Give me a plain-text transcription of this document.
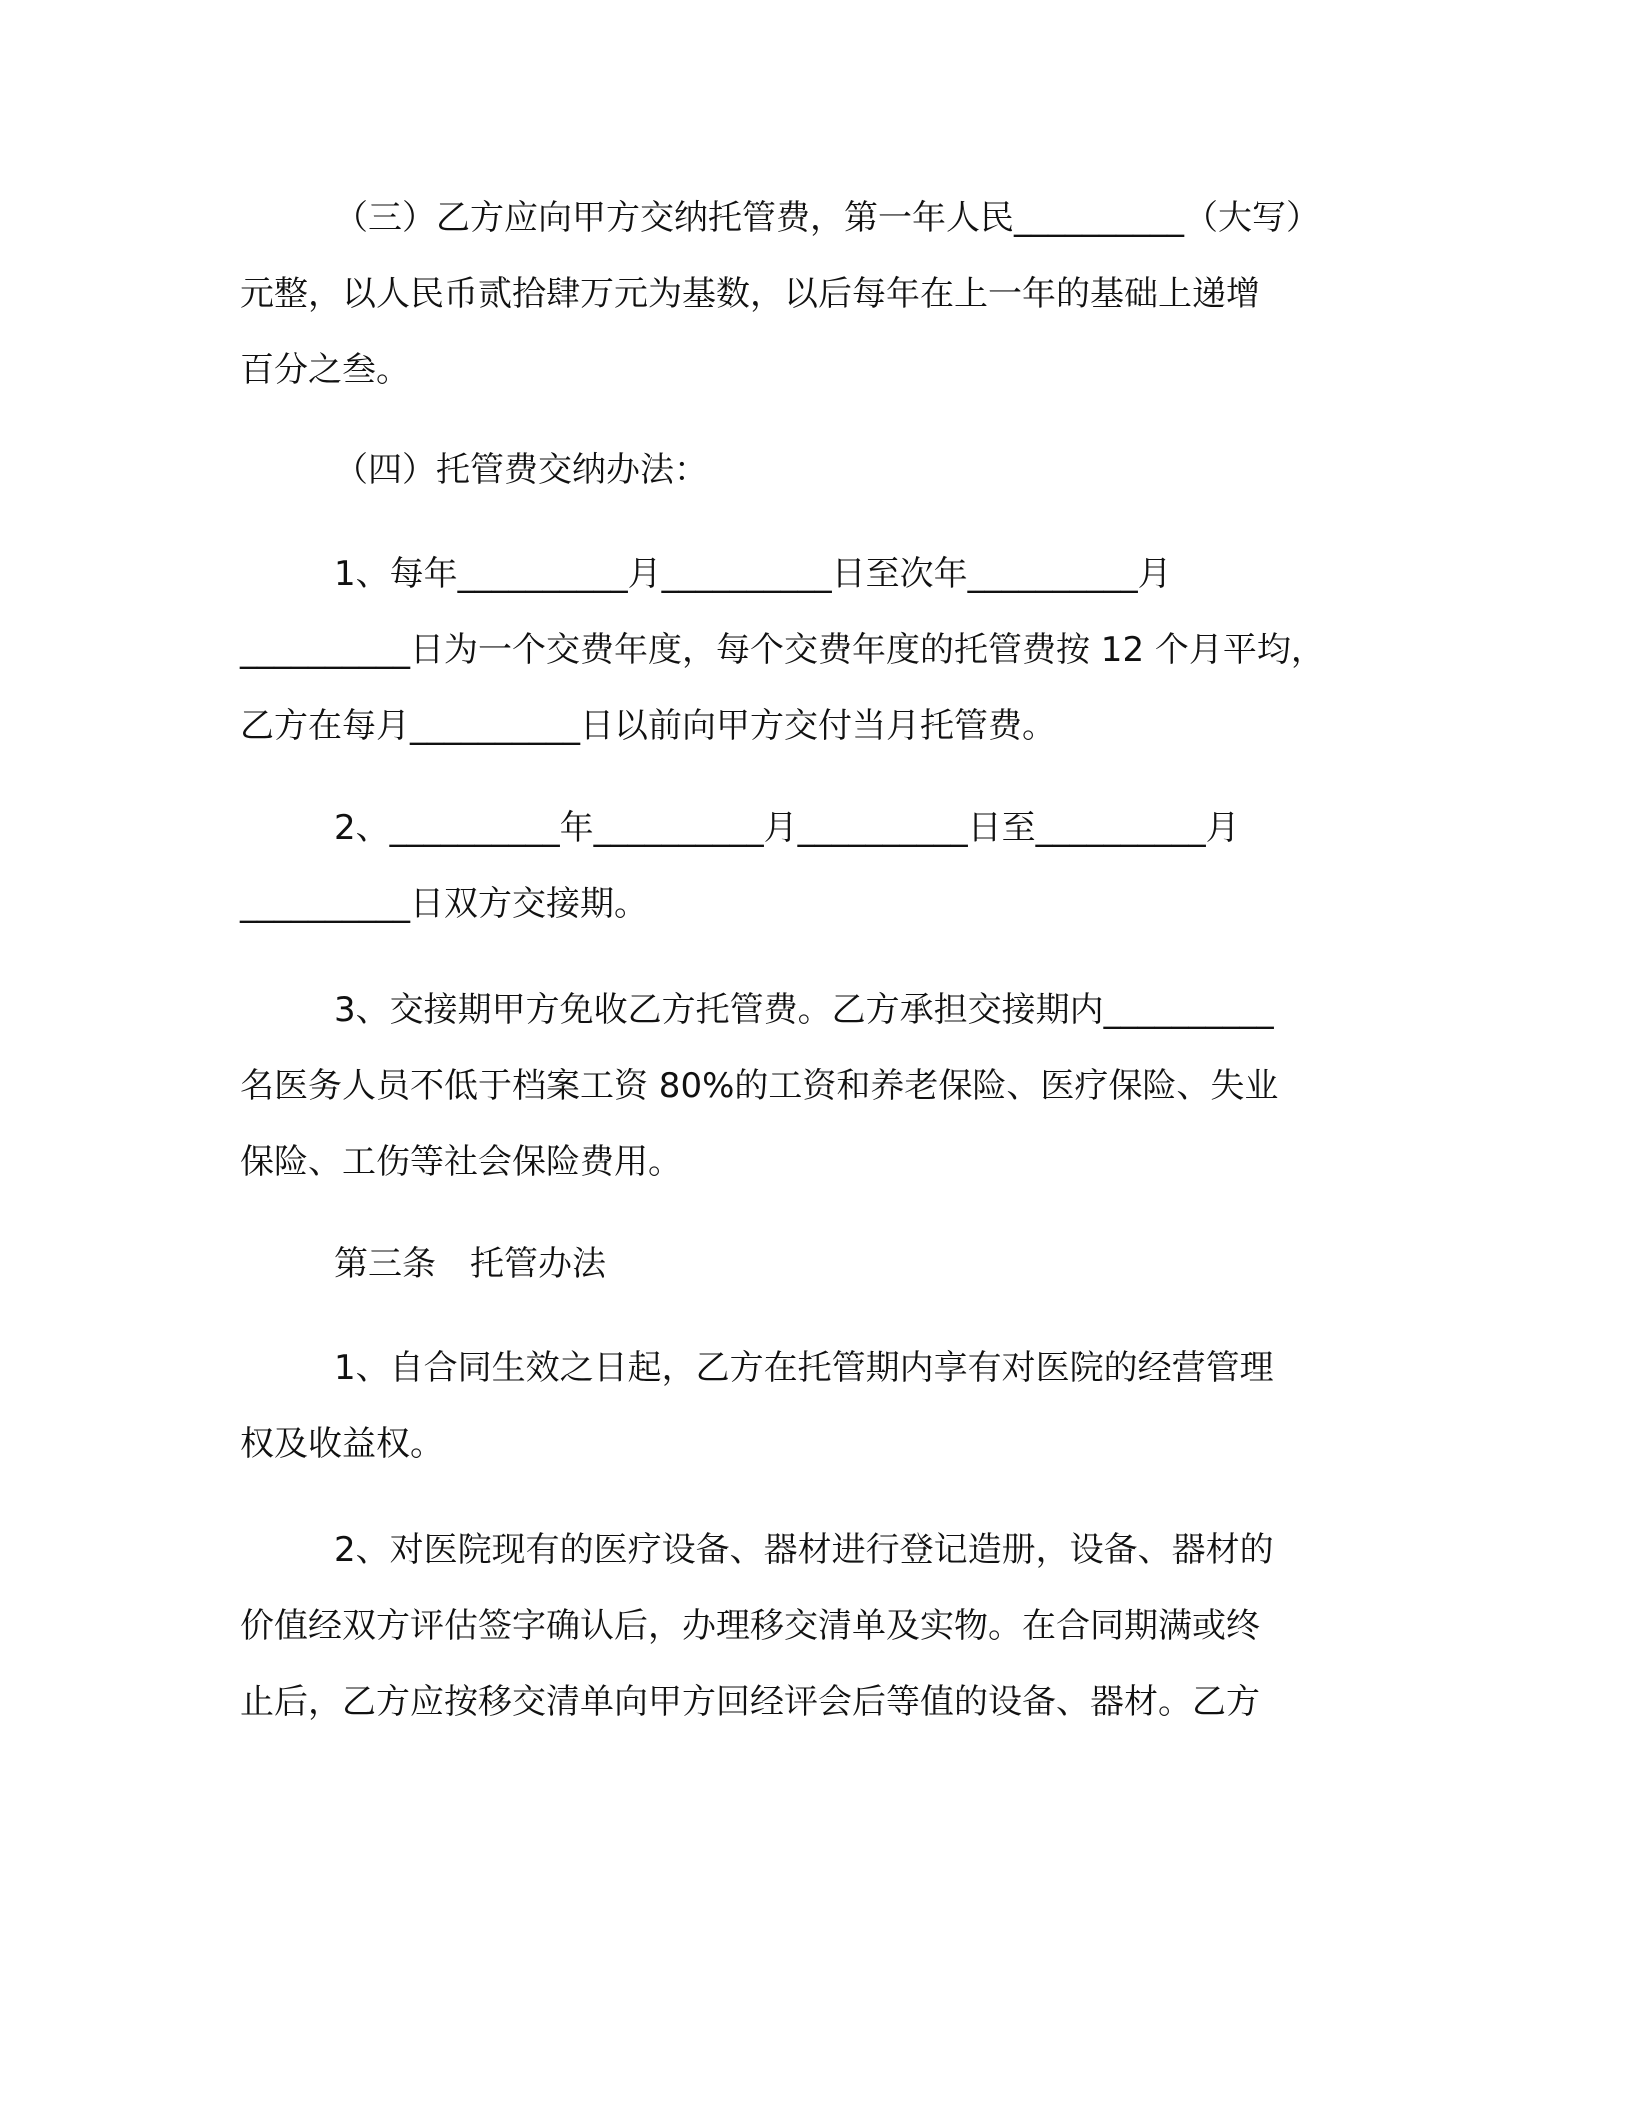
（三）乙方应向甲方交纳托管费，第一年人民__________（大写）
元整，以人民币贰拾肆万元为基数，以后每年在上一年的基础上递增
百分之叁。
（四）托管费交纳办法：
1、每年__________月__________日至次年__________月
__________日为一个交费年度，每个交费年度的托管费按 12 个月平均，
乙方在每月__________日以前向甲方交付当月托管费。
2、__________年__________月__________日至__________月
__________日双方交接期。
3、交接期甲方免收乙方托管费。乙方承担交接期内__________
名医务人员不低于档案工资 80%的工资和养老保险、医疗保险、失业
保险、工伤等社会保险费用。
第三条　托管办法
1、自合同生效之日起，乙方在托管期内享有对医院的经营管理
权及收益权。
2、对医院现有的医疗设备、器材进行登记造册，设备、器材的
价值经双方评估签字确认后，办理移交清单及实物。在合同期满或终
止后，乙方应按移交清单向甲方回经评会后等值的设备、器材。乙方
